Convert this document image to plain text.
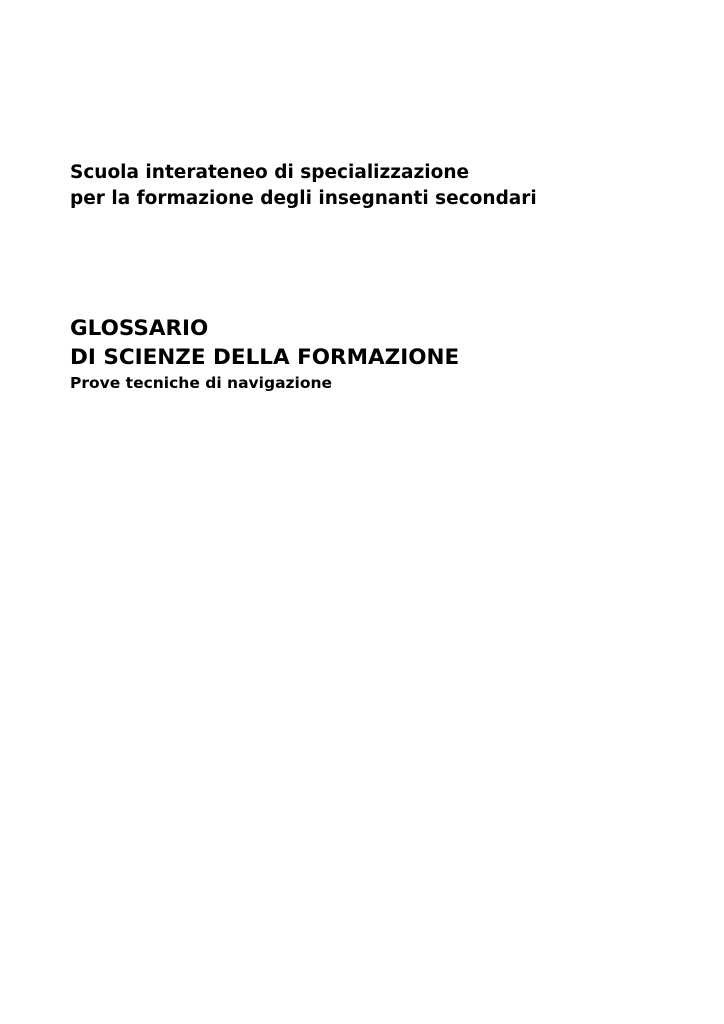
Scuola interateneo di specializzazione
per la formazione degli insegnanti secondari
GLOSSARIO
DI SCIENZE DELLA FORMAZIONE
Prove tecniche di navigazione
